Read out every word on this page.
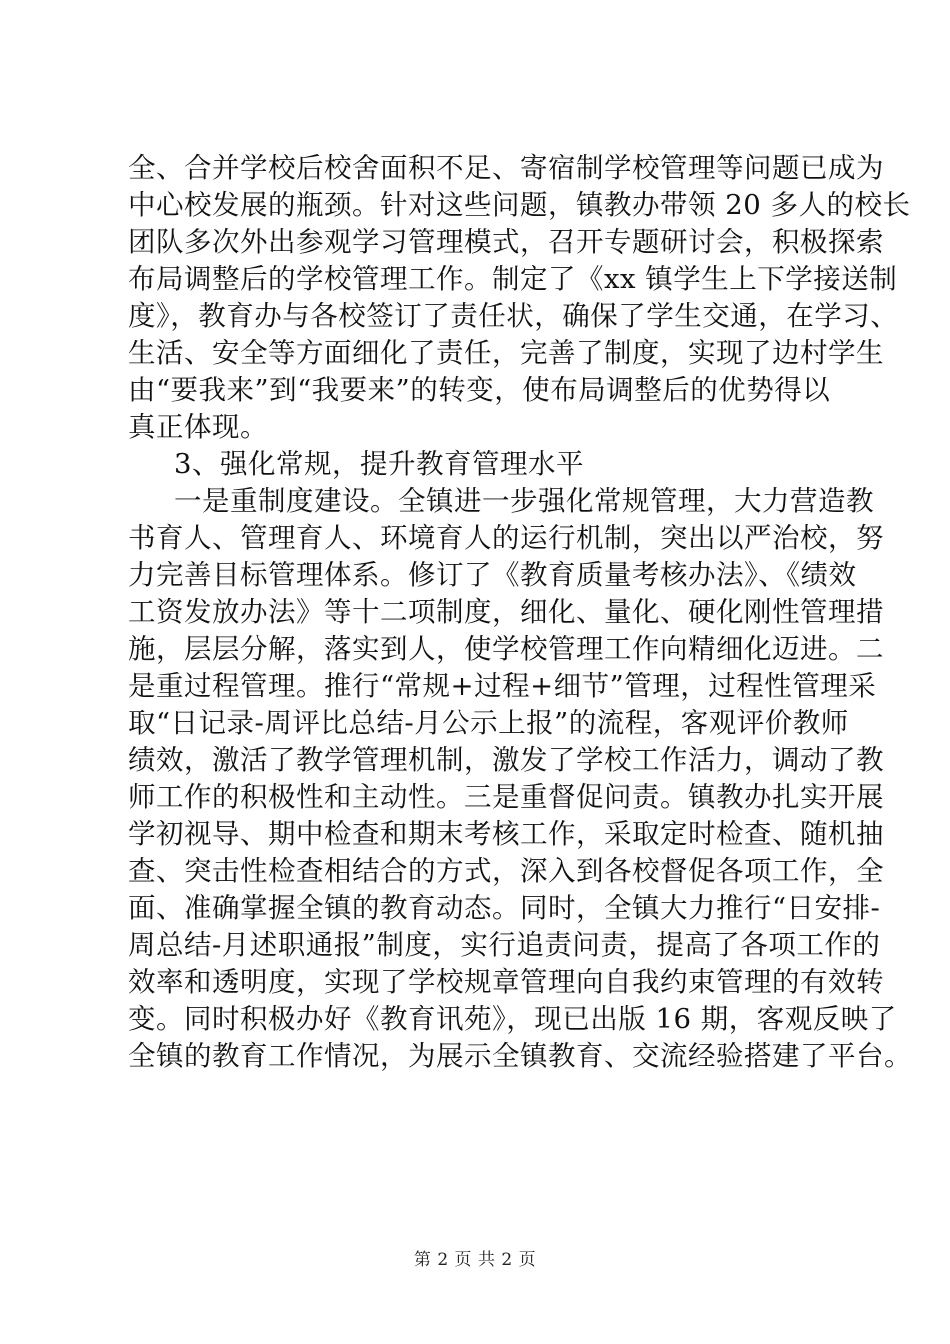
全、合并学校后校舍面积不足、寄宿制学校管理等问题已成为
中心校发展的瓶颈。针对这些问题，镇教办带领 20 多人的校长
团队多次外出参观学习管理模式，召开专题研讨会，积极探索
布局调整后的学校管理工作。制定了《xx 镇学生上下学接送制
度》，教育办与各校签订了责任状，确保了学生交通，在学习、
生活、安全等方面细化了责任，完善了制度，实现了边村学生
由“要我来”到“我要来”的转变，使布局调整后的优势得以
真正体现。
3、强化常规，提升教育管理水平
一是重制度建设。全镇进一步强化常规管理，大力营造教
书育人、管理育人、环境育人的运行机制，突出以严治校，努
力完善目标管理体系。修订了《教育质量考核办法》、《绩效
工资发放办法》等十二项制度，细化、量化、硬化刚性管理措
施，层层分解，落实到人，使学校管理工作向精细化迈进。二
是重过程管理。推行“常规+过程+细节”管理，过程性管理采
取“日记录-周评比总结-月公示上报”的流程，客观评价教师
绩效，激活了教学管理机制，激发了学校工作活力，调动了教
师工作的积极性和主动性。三是重督促问责。镇教办扎实开展
学初视导、期中检查和期末考核工作，采取定时检查、随机抽
查、突击性检查相结合的方式，深入到各校督促各项工作，全
面、准确掌握全镇的教育动态。同时，全镇大力推行“日安排-
周总结-月述职通报”制度，实行追责问责，提高了各项工作的
效率和透明度，实现了学校规章管理向自我约束管理的有效转
变。同时积极办好《教育讯苑》，现已出版 16 期，客观反映了
全镇的教育工作情况，为展示全镇教育、交流经验搭建了平台。
第 2 页 共 2 页
